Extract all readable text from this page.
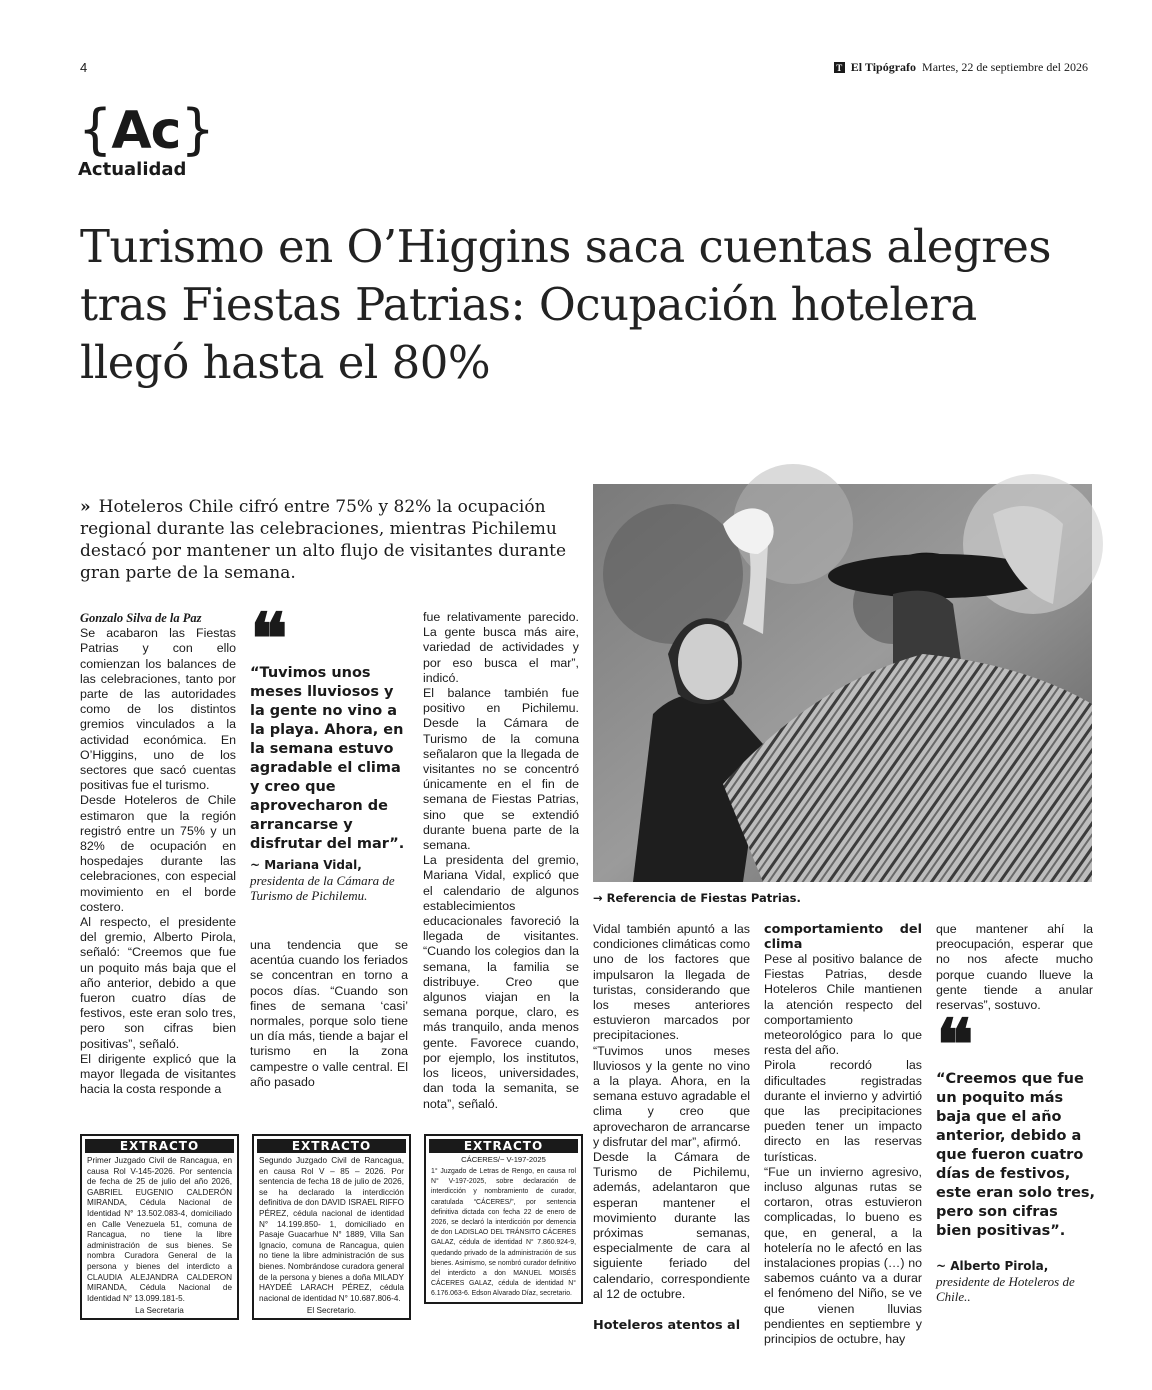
4	T El Tipógrafo Martes, 22 de septiembre del 2026
{Ac}
Actualidad
Turismo en O’Higgins saca cuentas alegres tras Fiestas Patrias: Ocupación hotelera llegó hasta el 80%

» Hoteleros Chile cifró entre 75% y 82% la ocupación regional durante las celebraciones, mientras Pichilemu destacó por mantener un alto flujo de visitantes durante gran parte de la semana.

Gonzalo Silva de la Paz

Se acabaron las Fiestas Patrias y con ello comienzan los balances de las celebraciones, tanto por parte de las autoridades como de los distintos gremios vinculados a la actividad económica. En O’Higgins, uno de los sectores que sacó cuentas positivas fue el turismo.

Desde Hoteleros de Chile estimaron que la región registró entre un 75% y un 82% de ocupación en hospedajes durante las celebraciones, con especial movimiento en el borde costero.

Al respecto, el presidente del gremio, Alberto Pirola, señaló: “Creemos que fue un poquito más baja que el año anterior, debido a que fueron cuatro días de festivos, este eran solo tres, pero son cifras bien positivas”, señaló.

El dirigente explicó que la mayor llegada de visitantes hacia la costa responde a

❝
“Tuvimos unos meses lluviosos y la gente no vino a la playa. Ahora, en la semana estuvo agradable el clima y creo que aprovecharon de arrancarse y disfrutar del mar”.
~ Mariana Vidal,
presidenta de la Cámara de Turismo de Pichilemu.

una tendencia que se acentúa cuando los feriados se concentran en torno a pocos días. “Cuando son fines de semana ‘casi’ normales, porque solo tiene un día más, tiende a bajar el turismo en la zona campestre o valle central. El año pasado

fue relativamente parecido. La gente busca más aire, variedad de actividades y por eso busca el mar”, indicó.

El balance también fue positivo en Pichilemu. Desde la Cámara de Turismo de la comuna señalaron que la llegada de visitantes no se concentró únicamente en el fin de semana de Fiestas Patrias, sino que se extendió durante buena parte de la semana.

La presidenta del gremio, Mariana Vidal, explicó que el calendario de algunos establecimientos educacionales favoreció la llegada de visitantes. “Cuando los colegios dan la semana, la familia se distribuye. Creo que algunos viajan en la semana porque, claro, es más tranquilo, anda menos gente. Favorece cuando, por ejemplo, los institutos, los liceos, universidades, dan toda la semanita, se nota”, señaló.

→ Referencia de Fiestas Patrias.

Vidal también apuntó a las condiciones climáticas como uno de los factores que impulsaron la llegada de turistas, considerando que los meses anteriores estuvieron marcados por precipitaciones.

“Tuvimos unos meses lluviosos y la gente no vino a la playa. Ahora, en la semana estuvo agradable el clima y creo que aprovecharon de arrancarse y disfrutar del mar”, afirmó.

Desde la Cámara de Turismo de Pichilemu, además, adelantaron que esperan mantener el movimiento durante las próximas semanas, especialmente de cara al siguiente feriado del calendario, correspondiente al 12 de octubre.

Hoteleros atentos al

comportamiento del clima

Pese al positivo balance de Fiestas Patrias, desde Hoteleros Chile mantienen la atención respecto del comportamiento meteorológico para lo que resta del año.

Pirola recordó las dificultades registradas durante el invierno y advirtió que las precipitaciones pueden tener un impacto directo en las reservas turísticas.

“Fue un invierno agresivo, incluso algunas rutas se cortaron, otras estuvieron complicadas, lo bueno es que, en general, a la hotelería no le afectó en las instalaciones propias (…) no sabemos cuánto va a durar el fenómeno del Niño, se ve que vienen lluvias pendientes en septiembre y principios de octubre, hay

que mantener ahí la preocupación, esperar que no nos afecte mucho porque cuando llueve la gente tiende a anular reservas”, sostuvo.

❝
“Creemos que fue un poquito más baja que el año anterior, debido a que fueron cuatro días de festivos, este eran solo tres, pero son cifras bien positivas”.
~ Alberto Pirola,
presidente de Hoteleros de Chile..
EXTRACTO
Primer Juzgado Civil de Rancagua, en causa Rol V-145-2026. Por sentencia de fecha de 25 de julio del año 2026, GABRIEL EUGENIO CALDERÓN MIRANDA, Cédula Nacional de Identidad N° 13.502.083-4, domiciliado en Calle Venezuela 51, comuna de Rancagua, no tiene la libre administración de sus bienes. Se nombra Curadora General de la persona y bienes del interdicto a CLAUDIA ALEJANDRA CALDERON MIRANDA, Cédula Nacional de Identidad N° 13.099.181-5.
La Secretaria
EXTRACTO
Segundo Juzgado Civil de Rancagua, en causa Rol V – 85 – 2026. Por sentencia de fecha 18 de julio de 2026, se ha declarado la interdicción definitiva de don DAVID ISRAEL RIFFO PÉREZ, cédula nacional de identidad N° 14.199.850- 1, domiciliado en Pasaje Guacarhue N° 1889, Villa San Ignacio, comuna de Rancagua, quien no tiene la libre administración de sus bienes. Nombrándose curadora general de la persona y bienes a doña MILADY HAYDEÉ LARACH PÉREZ, cédula nacional de identidad N° 10.687.806-4.
El Secretario.
EXTRACTO
CÁCERES/~ V-197-2025
1° Juzgado de Letras de Rengo, en causa rol N° V-197-2025, sobre declaración de interdicción y nombramiento de curador, caratulada “CÁCERES/”, por sentencia definitiva dictada con fecha 22 de enero de 2026, se declaró la interdicción por demencia de don LADISLAO DEL TRÁNSITO CÁCERES GALAZ, cédula de identidad N° 7.860.924-9, quedando privado de la administración de sus bienes. Asimismo, se nombró curador definitivo del interdicto a don MANUEL MOISÉS CÁCERES GALAZ, cédula de identidad N° 6.176.063-6. Edson Alvarado Díaz, secretario.
